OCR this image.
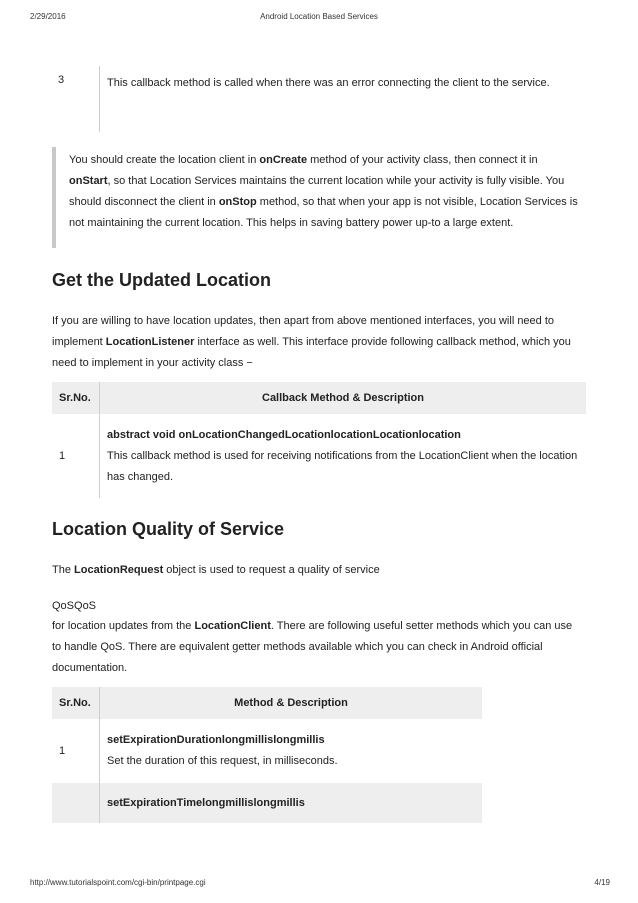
2/29/2016	Android Location Based Services
3	This callback method is called when there was an error connecting the client to the service.

You should create the location client in onCreate method of your activity class, then connect it in onStart, so that Location Services maintains the current location while your activity is fully visible. You should disconnect the client in onStop method, so that when your app is not visible, Location Services is not maintaining the current location. This helps in saving battery power up-to a large extent.

Get the Updated Location

If you are willing to have location updates, then apart from above mentioned interfaces, you will need to implement LocationListener interface as well. This interface provide following callback method, which you need to implement in your activity class −

Sr.No.	Callback Method & Description
1	abstract void onLocationChangedLocationlocationLocationlocation
This callback method is used for receiving notifications from the LocationClient when the location has changed.
Location Quality of Service

The LocationRequest object is used to request a quality of service

QoSQoS

for location updates from the LocationClient. There are following useful setter methods which you can use to handle QoS. There are equivalent getter methods available which you can check in Android official documentation.

Sr.No.	Method & Description
1	setExpirationDurationlongmillislongmillis
Set the duration of this request, in milliseconds.
	setExpirationTimelongmillislongmillis
http://www.tutorialspoint.com/cgi-bin/printpage.cgi	4/19
